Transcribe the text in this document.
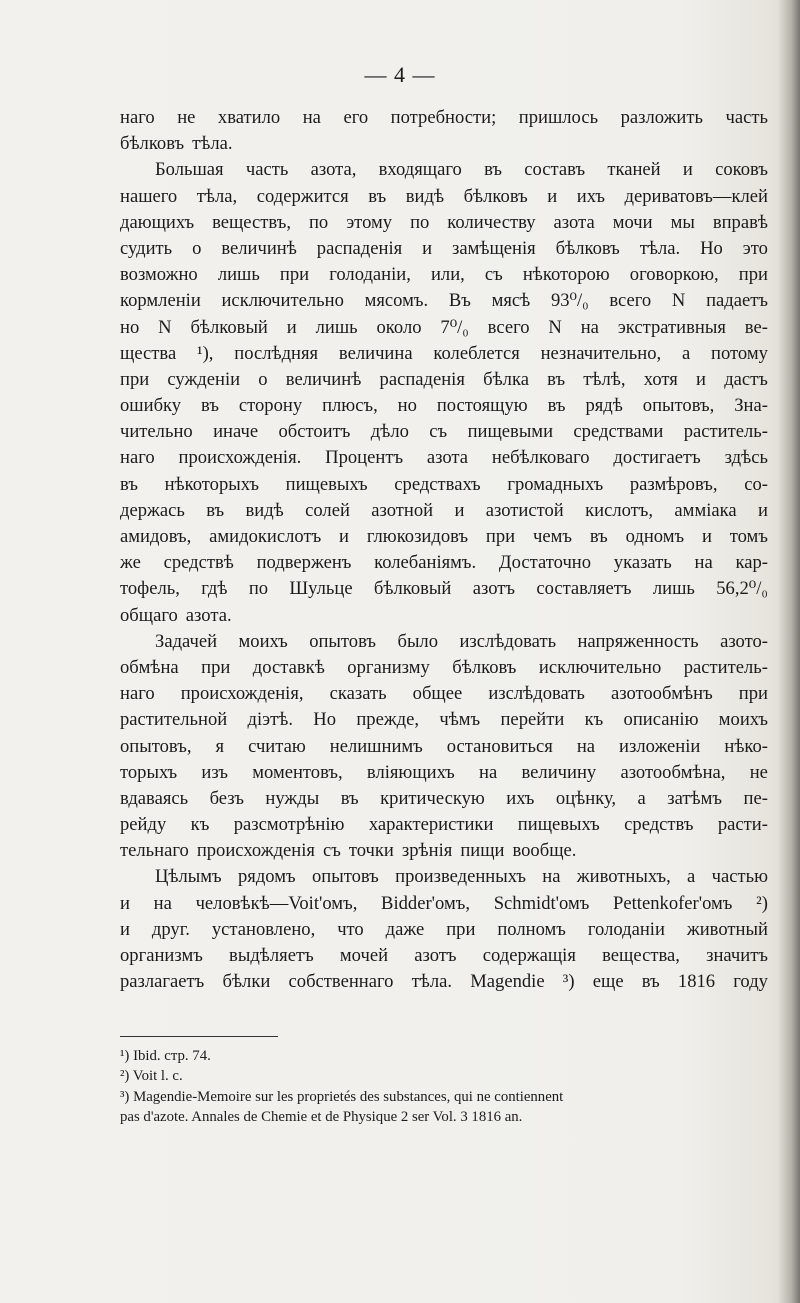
— 4 —
наго не хватило на его потребности; пришлось разложить часть
бѣлковъ тѣла.
Большая часть азота, входящаго въ составъ тканей и соковъ
нашего тѣла, содержится въ видѣ бѣлковъ и ихъ дериватовъ—клей
дающихъ веществъ, по этому по количеству азота мочи мы вправѣ
судить о величинѣ распаденія и замѣщенія бѣлковъ тѣла. Но это
возможно лишь при голоданіи, или, съ нѣкоторою оговоркою, при
кормленіи исключительно мясомъ. Въ мясѣ 93⁰/₀ всего N падаетъ
но N бѣлковый и лишь около 7⁰/₀ всего N на экстративныя ве-
щества ¹), послѣдняя величина колеблется незначительно, а потому
при сужденіи о величинѣ распаденія бѣлка въ тѣлѣ, хотя и дастъ
ошибку въ сторону плюсъ, но постоящую въ рядѣ опытовъ, Зна-
чительно иначе обстоитъ дѣло съ пищевыми средствами раститель-
наго происхожденія. Процентъ азота небѣлковаго достигаетъ здѣсь
въ нѣкоторыхъ пищевыхъ средствахъ громадныхъ размѣровъ, со-
держась въ видѣ солей азотной и азотистой кислотъ, амміака и
амидовъ, амидокислотъ и глюкозидовъ при чемъ въ одномъ и томъ
же средствѣ подверженъ колебаніямъ. Достаточно указать на кар-
тофель, гдѣ по Шульце бѣлковый азотъ составляетъ лишь 56,2⁰/₀
общаго азота.
Задачей моихъ опытовъ было изслѣдовать напряженность азото-
обмѣна при доставкѣ организму бѣлковъ исключительно раститель-
наго происхожденія, сказать общее изслѣдовать азотообмѣнъ при
растительной діэтѣ. Но прежде, чѣмъ перейти къ описанію моихъ
опытовъ, я считаю нелишнимъ остановиться на изложеніи нѣко-
торыхъ изъ моментовъ, вліяющихъ на величину азотообмѣна, не
вдаваясь безъ нужды въ критическую ихъ оцѣнку, а затѣмъ пе-
рейду къ разсмотрѣнію характеристики пищевыхъ средствъ расти-
тельнаго происхожденія съ точки зрѣнія пищи вообще.
Цѣлымъ рядомъ опытовъ произведенныхъ на животныхъ, а частью
и на человѣкѣ—Voit'омъ, Bidder'омъ, Schmidt'омъ Pettenkofer'омъ ²)
и друг. установлено, что даже при полномъ голоданіи животный
организмъ выдѣляетъ мочей азотъ содержащія вещества, значитъ
разлагаетъ бѣлки собственнаго тѣла. Magendie ³) еще въ 1816 году
¹) Ibid. стр. 74.
²) Voit l. c.
³) Magendie-Memoire sur les proprietés des substances, qui ne contiennent
pas d'azote. Annales de Chemie et de Physique 2 ser Vol. 3 1816 an.
